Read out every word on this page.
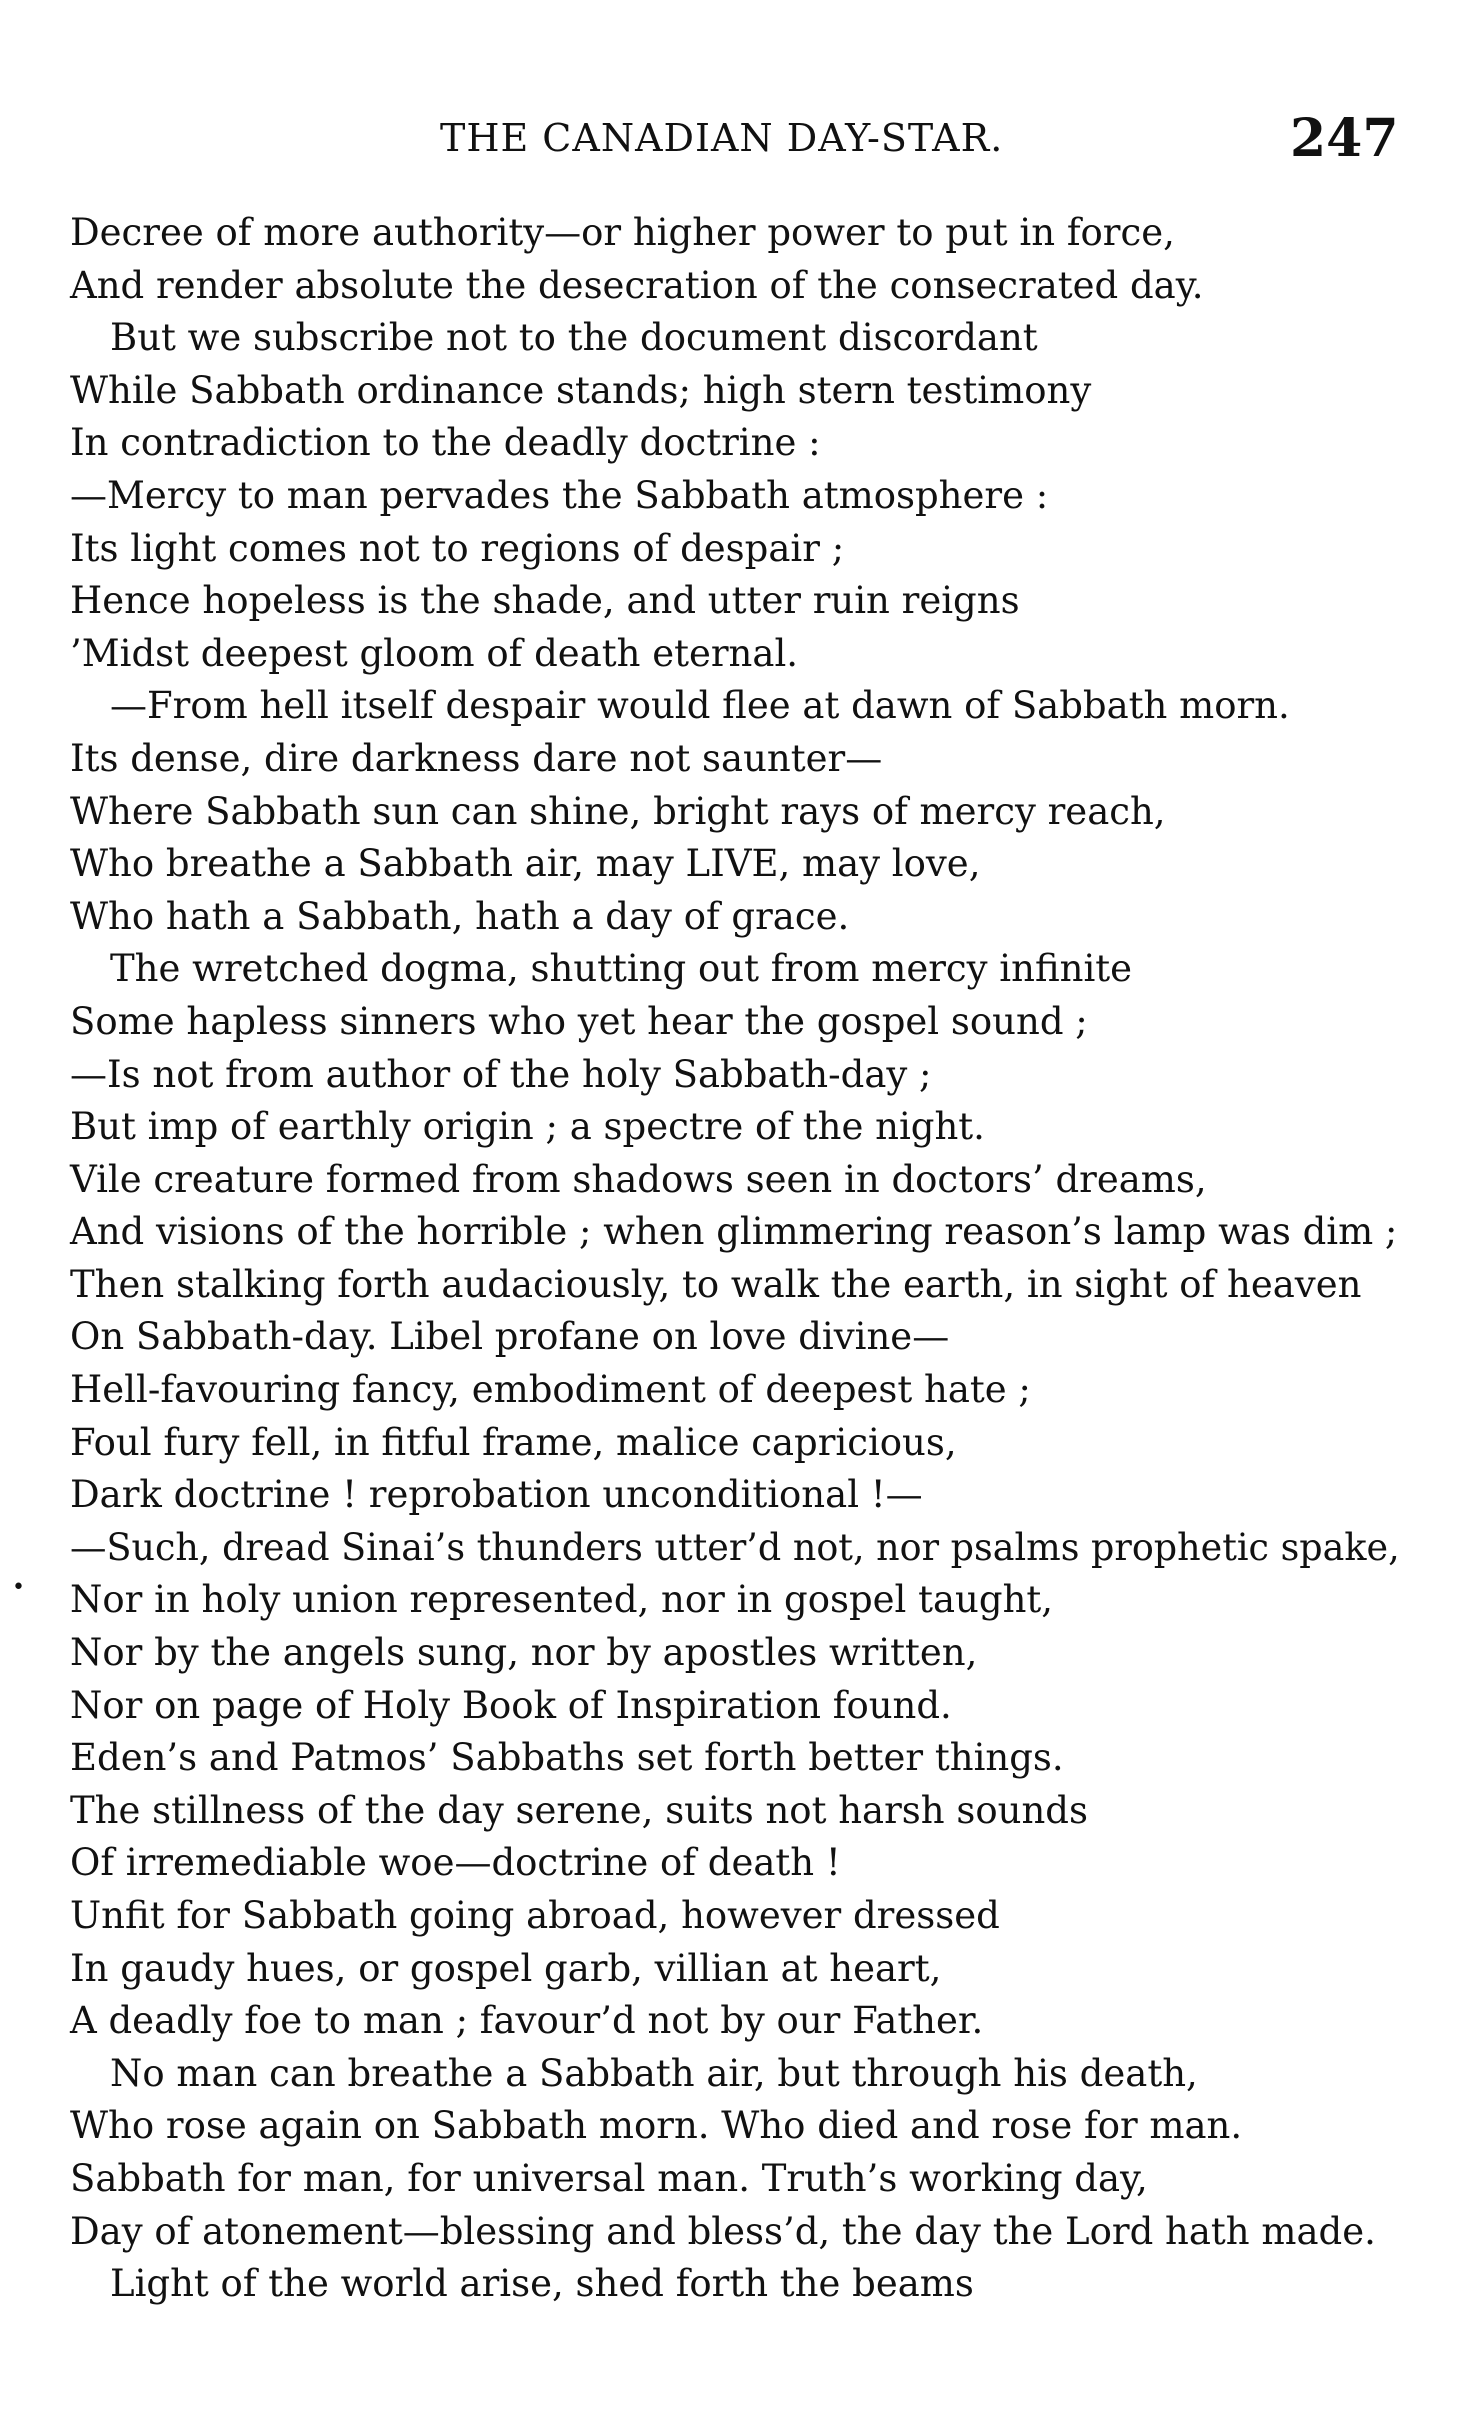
THE CANADIAN DAY-STAR.	247
•
Decree of more authority—or higher power to put in force,
And render absolute the desecration of the consecrated day.
But we subscribe not to the document discordant
While Sabbath ordinance stands; high stern testimony
In contradiction to the deadly doctrine :
—Mercy to man pervades the Sabbath atmosphere :
Its light comes not to regions of despair ;
Hence hopeless is the shade, and utter ruin reigns
’Midst deepest gloom of death eternal.
—From hell itself despair would flee at dawn of Sabbath morn.
Its dense, dire darkness dare not saunter—
Where Sabbath sun can shine, bright rays of mercy reach,
Who breathe a Sabbath air, may LIVE, may love,
Who hath a Sabbath, hath a day of grace.
The wretched dogma, shutting out from mercy infinite
Some hapless sinners who yet hear the gospel sound ;
—Is not from author of the holy Sabbath-day ;
But imp of earthly origin ; a spectre of the night.
Vile creature formed from shadows seen in doctors’ dreams,
And visions of the horrible ; when glimmering reason’s lamp was dim ;
Then stalking forth audaciously, to walk the earth, in sight of heaven
On Sabbath-day. Libel profane on love divine—
Hell-favouring fancy, embodiment of deepest hate ;
Foul fury fell, in fitful frame, malice capricious,
Dark doctrine ! reprobation unconditional !—
—Such, dread Sinai’s thunders utter’d not, nor psalms prophetic spake,
Nor in holy union represented, nor in gospel taught,
Nor by the angels sung, nor by apostles written,
Nor on page of Holy Book of Inspiration found.
Eden’s and Patmos’ Sabbaths set forth better things.
The stillness of the day serene, suits not harsh sounds
Of irremediable woe—doctrine of death !
Unfit for Sabbath going abroad, however dressed
In gaudy hues, or gospel garb, villian at heart,
A deadly foe to man ; favour’d not by our Father.
No man can breathe a Sabbath air, but through his death,
Who rose again on Sabbath morn. Who died and rose for man.
Sabbath for man, for universal man. Truth’s working day,
Day of atonement—blessing and bless’d, the day the Lord hath made.
Light of the world arise, shed forth the beams
